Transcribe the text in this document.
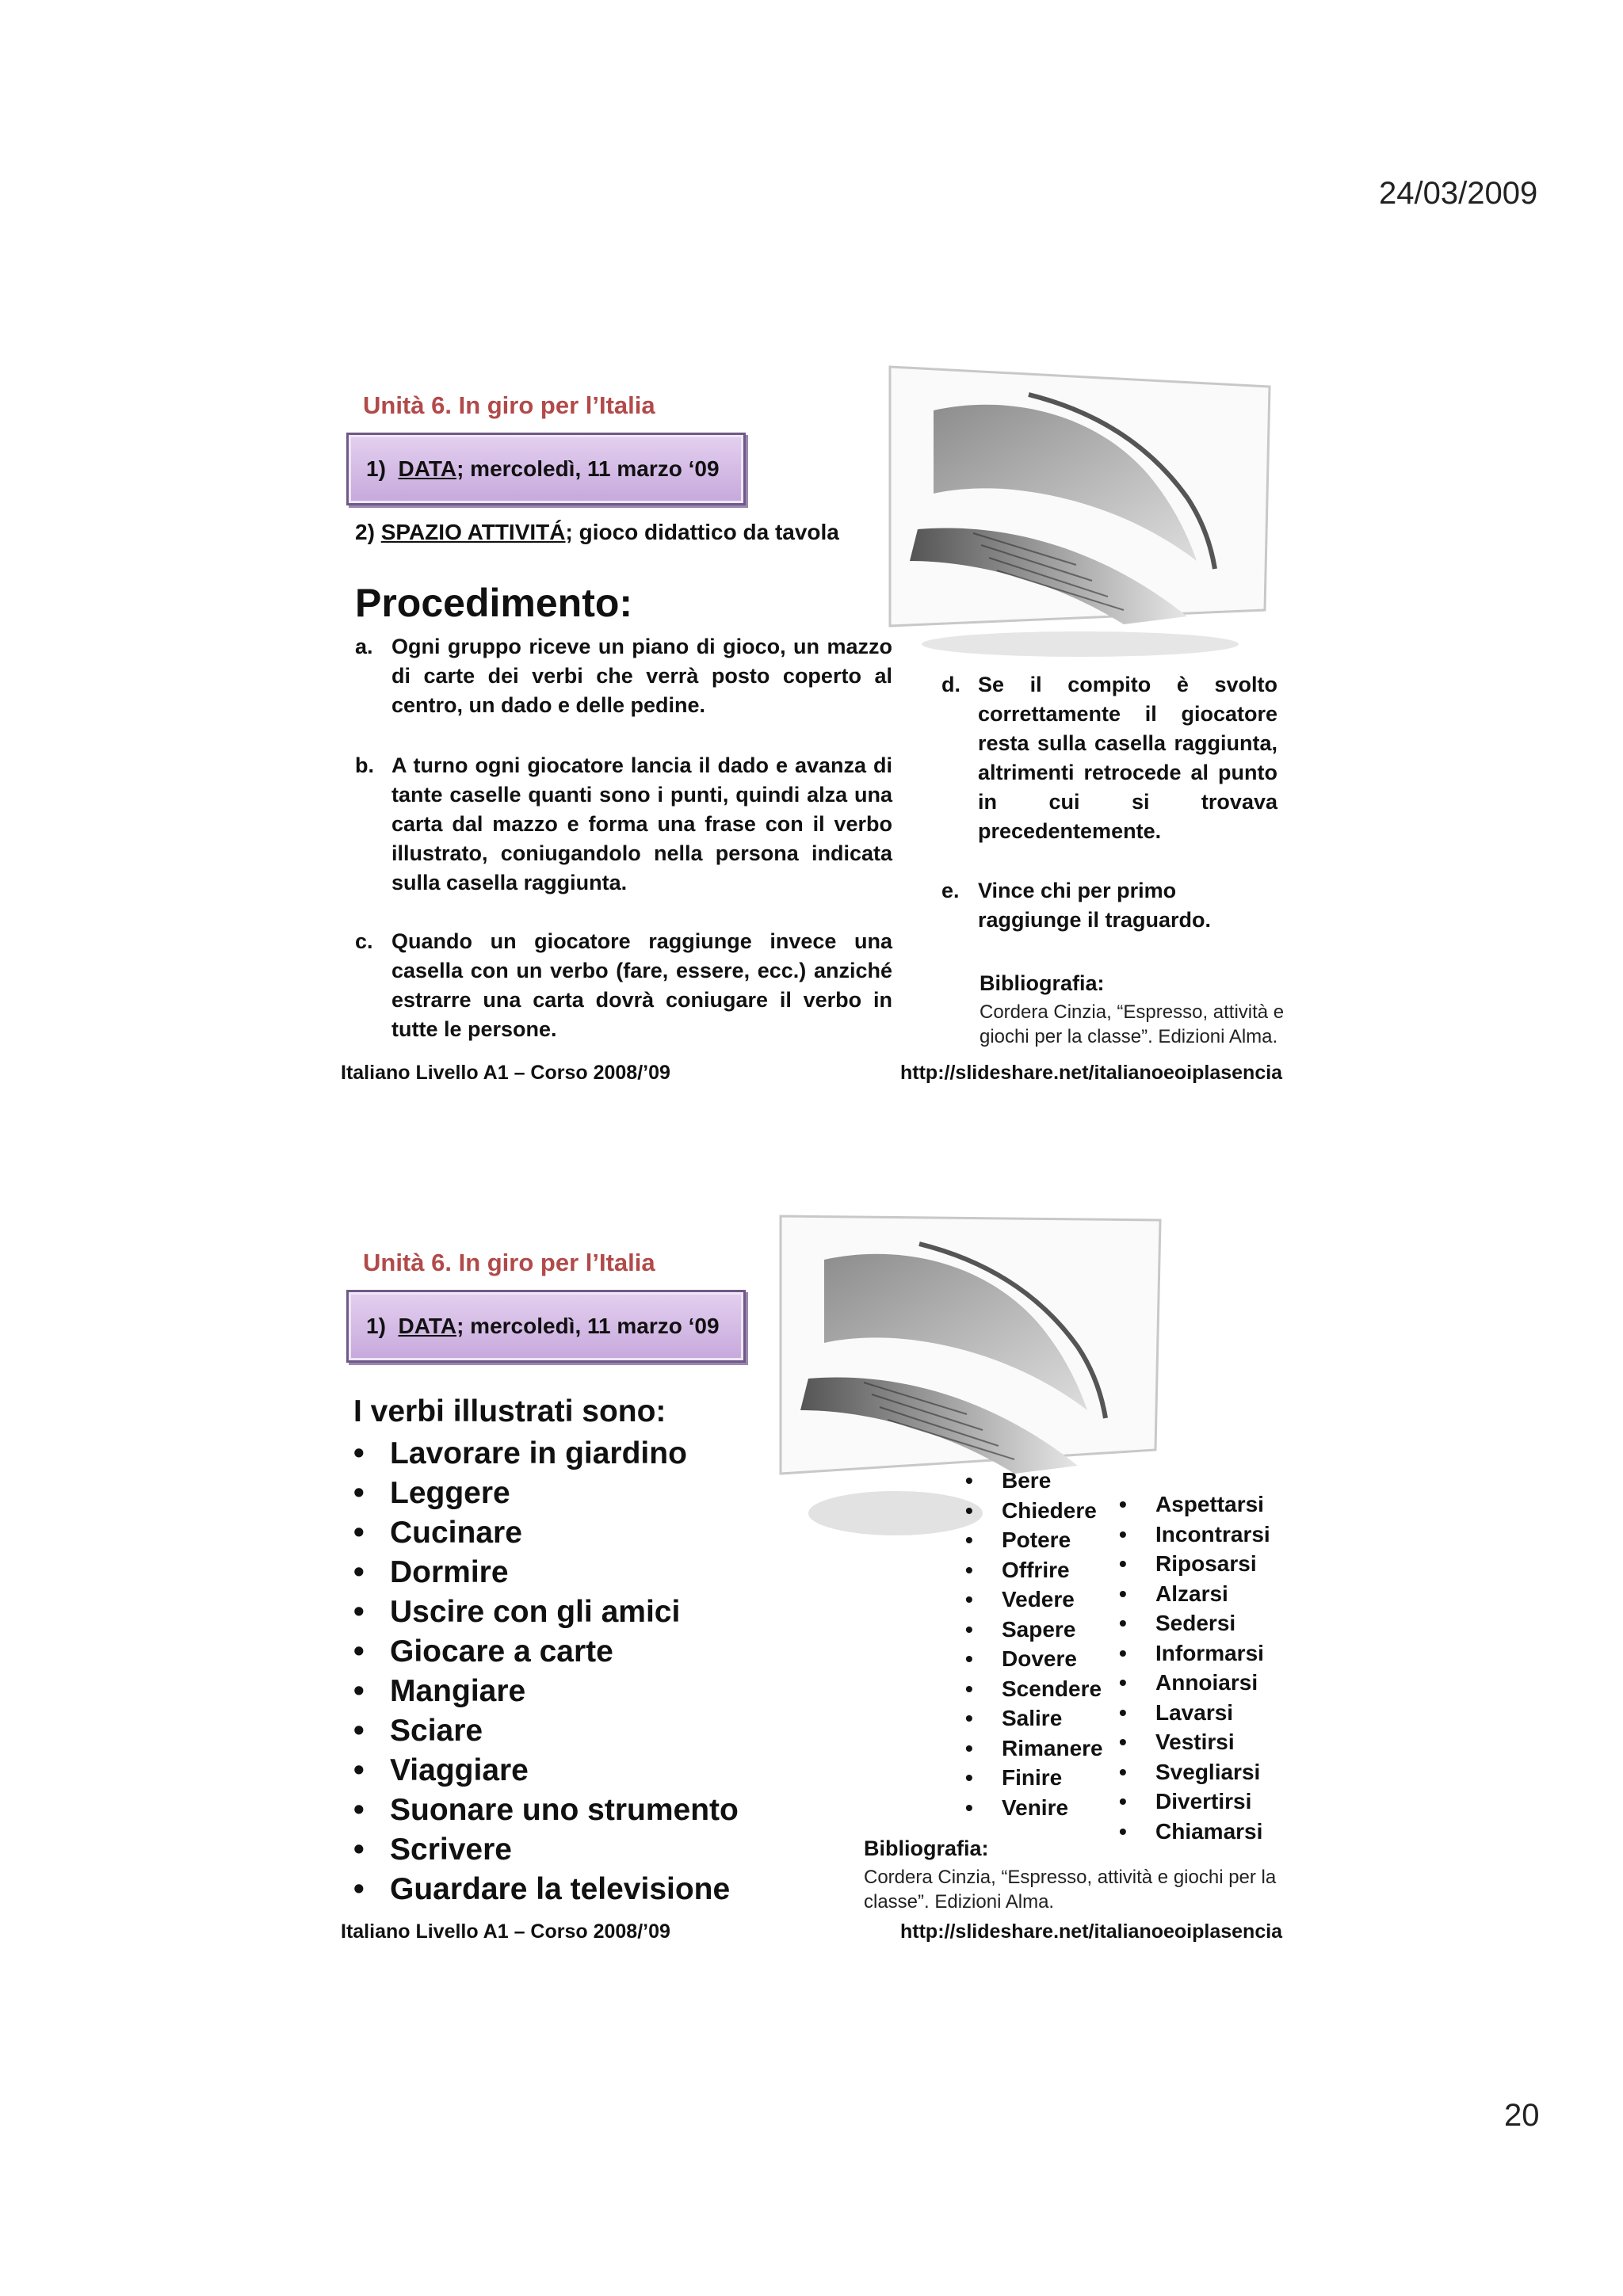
24/03/2009
Unità 6. In giro per l’Italia
1) DATA; mercoledì, 11 marzo ‘09
2) SPAZIO ATTIVITÁ; gioco didattico da tavola
Procedimento:
a. Ogni gruppo riceve un piano di gioco, un mazzo di carte dei verbi che verrà posto coperto al centro, un dado e delle pedine.
b. A turno ogni giocatore lancia il dado e avanza di tante caselle quanti sono i punti, quindi alza una carta dal mazzo e forma una frase con il verbo illustrato, coniugandolo nella persona indicata sulla casella raggiunta.
c. Quando un giocatore raggiunge invece una casella con un verbo (fare, essere, ecc.) anziché estrarre una carta dovrà coniugare il verbo in tutte le persone.
d. Se il compito è svolto correttamente il giocatore resta sulla casella raggiunta, altrimenti retrocede al punto in cui si trovava precedentemente.
e. Vince chi per primo raggiunge il traguardo.
Bibliografia:
Cordera Cinzia, “Espresso, attività e giochi per la classe”. Edizioni Alma.
Italiano Livello A1 – Corso 2008/’09	http://slideshare.net/italianoeoiplasencia
Unità 6. In giro per l’Italia
1) DATA; mercoledì, 11 marzo ‘09
I verbi illustrati sono:
• Lavorare in giardino
• Leggere
• Cucinare
• Dormire
• Uscire con gli amici
• Giocare a carte
• Mangiare
• Sciare
• Viaggiare
• Suonare uno strumento
• Scrivere
• Guardare la televisione
• Bere
• Chiedere
• Potere
• Offrire
• Vedere
• Sapere
• Dovere
• Scendere
• Salire
• Rimanere
• Finire
• Venire
• Aspettarsi
• Incontrarsi
• Riposarsi
• Alzarsi
• Sedersi
• Informarsi
• Annoiarsi
• Lavarsi
• Vestirsi
• Svegliarsi
• Divertirsi
• Chiamarsi
Bibliografia:
Cordera Cinzia, “Espresso, attività e giochi per la classe”. Edizioni Alma.
Italiano Livello A1 – Corso 2008/’09	http://slideshare.net/italianoeoiplasencia
20
